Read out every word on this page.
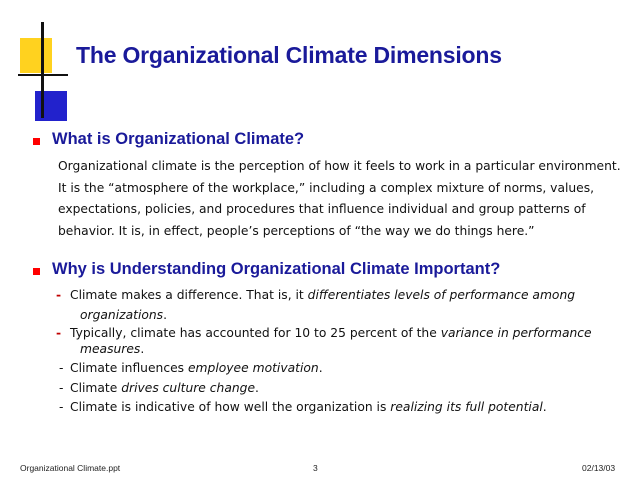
The Organizational Climate Dimensions
What is Organizational Climate?
Organizational climate is the perception of how it feels to work in a particular environment.
It is the “atmosphere of the workplace,” including a complex mixture of norms, values,
expectations, policies, and procedures that influence individual and group patterns of
behavior. It is, in effect, people’s perceptions of “the way we do things here.”
Why is Understanding Organizational Climate Important?
- Climate makes a difference. That is, it differentiates levels of performance among
organizations.
- Typically, climate has accounted for 10 to 25 percent of the variance in performance
measures.
- Climate influences employee motivation.
- Climate drives culture change.
- Climate is indicative of how well the organization is realizing its full potential.
Organizational Climate.ppt	3	02/13/03
